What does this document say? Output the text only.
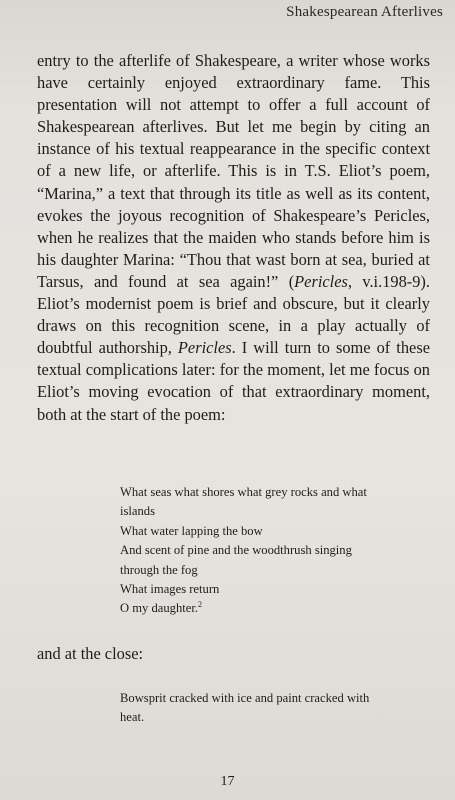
Shakespearean Afterlives

entry to the afterlife of Shakespeare, a writer whose works have certainly enjoyed extraordinary fame. This presentation will not attempt to offer a full account of Shakespearean afterlives. But let me begin by citing an instance of his textual reappearance in the specific context of a new life, or afterlife. This is in T.S. Eliot’s poem, “Marina,” a text that through its title as well as its content, evokes the joyous recognition of Shakespeare’s Pericles, when he realizes that the maiden who stands before him is his daughter Marina: “Thou that wast born at sea, buried at Tarsus, and found at sea again!” (Pericles, v.i.198-9). Eliot’s modernist poem is brief and obscure, but it clearly draws on this recognition scene, in a play actually of doubtful authorship, Pericles. I will turn to some of these textual complications later: for the moment, let me focus on Eliot’s moving evocation of that extraordinary moment, both at the start of the poem:

What seas what shores what grey rocks and what
islands
What water lapping the bow
And scent of pine and the woodthrush singing
through the fog
What images return
O my daughter.$^2$
and at the close:
Bowsprit cracked with ice and paint cracked with
heat.
17
